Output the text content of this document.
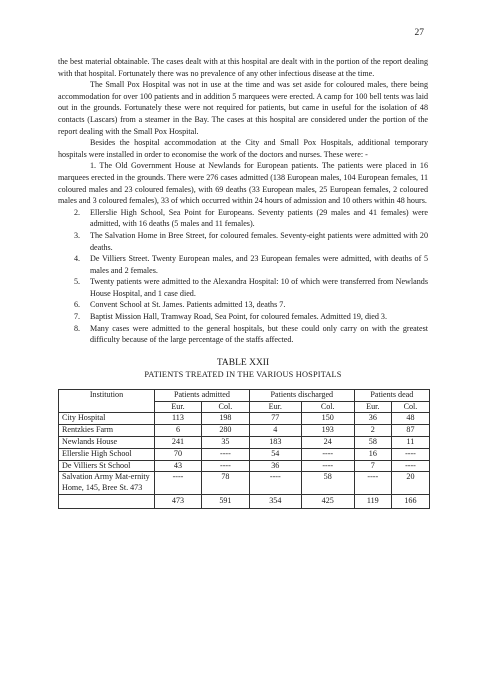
27

the best material obtainable. The cases dealt with at this hospital are dealt with in the portion of the report dealing with that hospital. Fortunately there was no prevalence of any other infectious disease at the time.

The Small Pox Hospital was not in use at the time and was set aside for coloured males, there being accommodation for over 100 patients and in addition 5 marquees were erected. A camp for 100 bell tents was laid out in the grounds. Fortunately these were not required for patients, but came in useful for the isolation of 48 contacts (Lascars) from a steamer in the Bay. The cases at this hospital are considered under the portion of the report dealing with the Small Pox Hospital.

Besides the hospital accommodation at the City and Small Pox Hospitals, additional temporary hospitals were installed in order to economise the work of the doctors and nurses. These were: -

1. The Old Government House at Newlands for European patients. The patients were placed in 16 marquees erected in the grounds. There were 276 cases admitted (138 European males, 104 European females, 11 coloured males and 23 coloured females), with 69 deaths (33 European males, 25 European females, 2 coloured males and 3 coloured females), 33 of which occurred within 24 hours of admission and 10 others within 48 hours.
2. Ellerslie High School, Sea Point for Europeans. Seventy patients (29 males and 41 females) were admitted, with 16 deaths (5 males and 11 females).
3. The Salvation Home in Bree Street, for coloured females. Seventy-eight patients were admitted with 20 deaths.
4. De Villiers Street. Twenty European males, and 23 European females were admitted, with deaths of 5 males and 2 females.
5. Twenty patients were admitted to the Alexandra Hospital: 10 of which were transferred from Newlands House Hospital, and 1 case died.
6. Convent School at St. James. Patients admitted 13, deaths 7.
7. Baptist Mission Hall, Tramway Road, Sea Point, for coloured females. Admitted 19, died 3.
8. Many cases were admitted to the general hospitals, but these could only carry on with the greatest difficulty because of the large percentage of the staffs affected.
TABLE XXII
PATIENTS TREATED IN THE VARIOUS HOSPITALS
Institution	Patients admitted		Patients discharged		Patients dead	
	Eur.	Col.	Eur.	Col.	Eur.	Col.
City Hospital	113	198	77	150	36	48
Rentzkies Farm	6	280	4	193	2	87
Newlands House	241	35	183	24	58	11
Ellerslie High School	70	----	54	----	16	----
De Villiers St School	43	----	36	----	7	----
Salvation Army Mat-ernity Home, 145, Bree St. 473	----	78	----	58	----	20
	473	591	354	425	119	166
